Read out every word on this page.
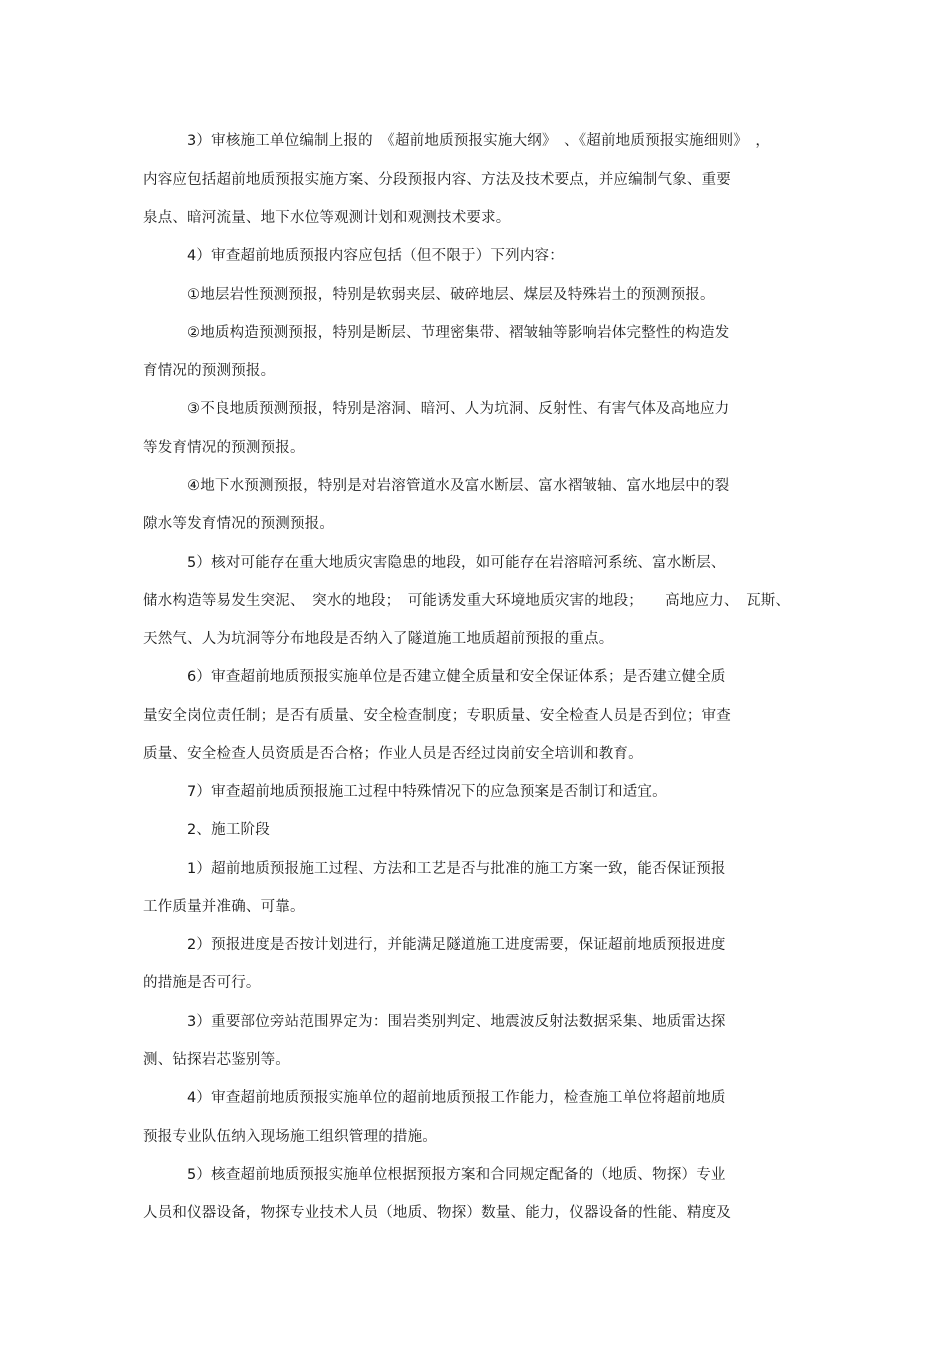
3）审核施工单位编制上报的　《超前地质预报实施大纲》　、《超前地质预报实施细则》　，
内容应包括超前地质预报实施方案、分段预报内容、方法及技术要点，并应编制气象、重要
泉点、暗河流量、地下水位等观测计划和观测技术要求。
4）审查超前地质预报内容应包括（但不限于）下列内容：
①地层岩性预测预报，特别是软弱夹层、破碎地层、煤层及特殊岩土的预测预报。
②地质构造预测预报，特别是断层、节理密集带、褶皱轴等影响岩体完整性的构造发
育情况的预测预报。
③不良地质预测预报，特别是溶洞、暗河、人为坑洞、反射性、有害气体及高地应力
等发育情况的预测预报。
④地下水预测预报，特别是对岩溶管道水及富水断层、富水褶皱轴、富水地层中的裂
隙水等发育情况的预测预报。
5）核对可能存在重大地质灾害隐患的地段，如可能存在岩溶暗河系统、富水断层、
储水构造等易发生突泥、　突水的地段；　可能诱发重大环境地质灾害的地段；　　高地应力、　瓦斯、
天然气、人为坑洞等分布地段是否纳入了隧道施工地质超前预报的重点。
6）审查超前地质预报实施单位是否建立健全质量和安全保证体系；是否建立健全质
量安全岗位责任制；是否有质量、安全检查制度；专职质量、安全检查人员是否到位；审查
质量、安全检查人员资质是否合格；作业人员是否经过岗前安全培训和教育。
7）审查超前地质预报施工过程中特殊情况下的应急预案是否制订和适宜。
2、施工阶段
1）超前地质预报施工过程、方法和工艺是否与批准的施工方案一致，能否保证预报
工作质量并准确、可靠。
2）预报进度是否按计划进行，并能满足隧道施工进度需要，保证超前地质预报进度
的措施是否可行。
3）重要部位旁站范围界定为：围岩类别判定、地震波反射法数据采集、地质雷达探
测、钻探岩芯鉴别等。
4）审查超前地质预报实施单位的超前地质预报工作能力，检查施工单位将超前地质
预报专业队伍纳入现场施工组织管理的措施。
5）核查超前地质预报实施单位根据预报方案和合同规定配备的（地质、物探）专业
人员和仪器设备，物探专业技术人员（地质、物探）数量、能力，仪器设备的性能、精度及
